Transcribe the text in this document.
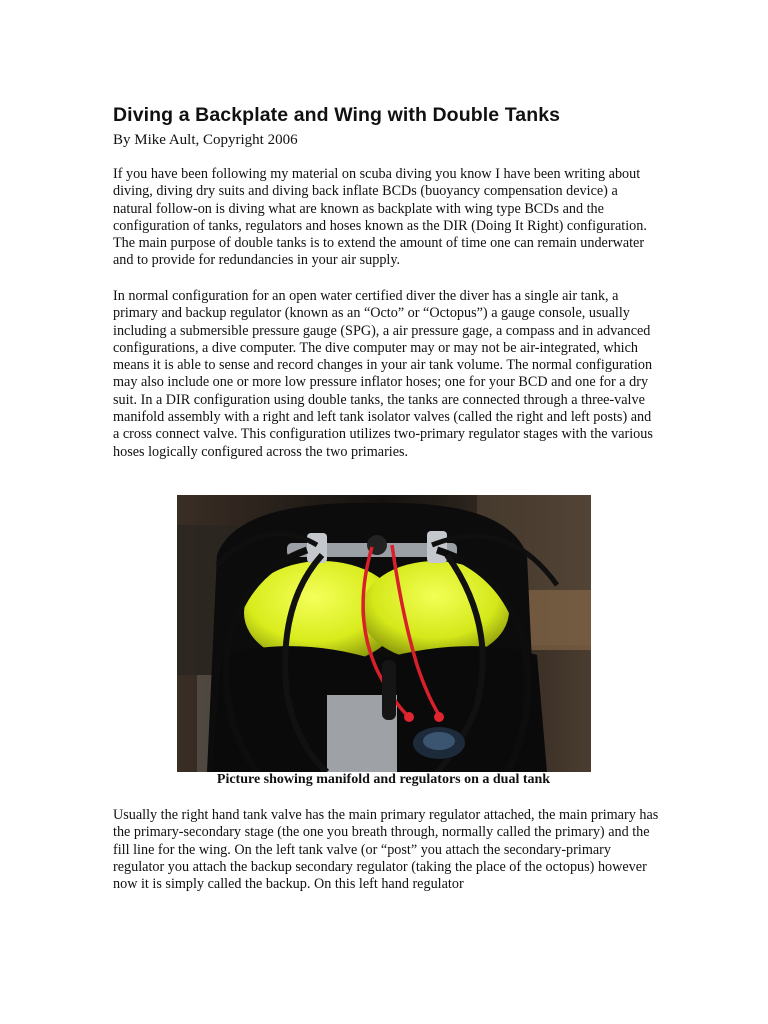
Diving a Backplate and Wing with Double Tanks

By Mike Ault, Copyright 2006

If you have been following my material on scuba diving you know I have been writing about diving, diving dry suits and diving back inflate BCDs (buoyancy compensation device) a natural follow-on is diving what are known as backplate with wing type BCDs and the configuration of tanks, regulators and hoses known as the DIR (Doing It Right) configuration. The main purpose of double tanks is to extend the amount of time one can remain underwater and to provide for redundancies in your air supply.

In normal configuration for an open water certified diver the diver has a single air tank, a primary and backup regulator (known as an “Octo” or “Octopus”) a gauge console, usually including a submersible pressure gauge (SPG), a air pressure gage, a compass and in advanced configurations, a dive computer. The dive computer may or may not be air-integrated, which means it is able to sense and record changes in your air tank volume. The normal configuration may also include one or more low pressure inflator hoses; one for your BCD and one for a dry suit. In a DIR configuration using double tanks, the tanks are connected through a three-valve manifold assembly with a right and left tank isolator valves (called the right and left posts) and a cross connect valve. This configuration utilizes two-primary regulator stages with the various hoses logically configured across the two primaries.

Picture showing manifold and regulators on a dual tank

Usually the right hand tank valve has the main primary regulator attached, the main primary has the primary-secondary stage (the one you breath through, normally called the primary) and the fill line for the wing. On the left tank valve (or “post” you attach the secondary-primary regulator you attach the backup secondary regulator (taking the place of the octopus) however now it is simply called the backup. On this left hand regulator
